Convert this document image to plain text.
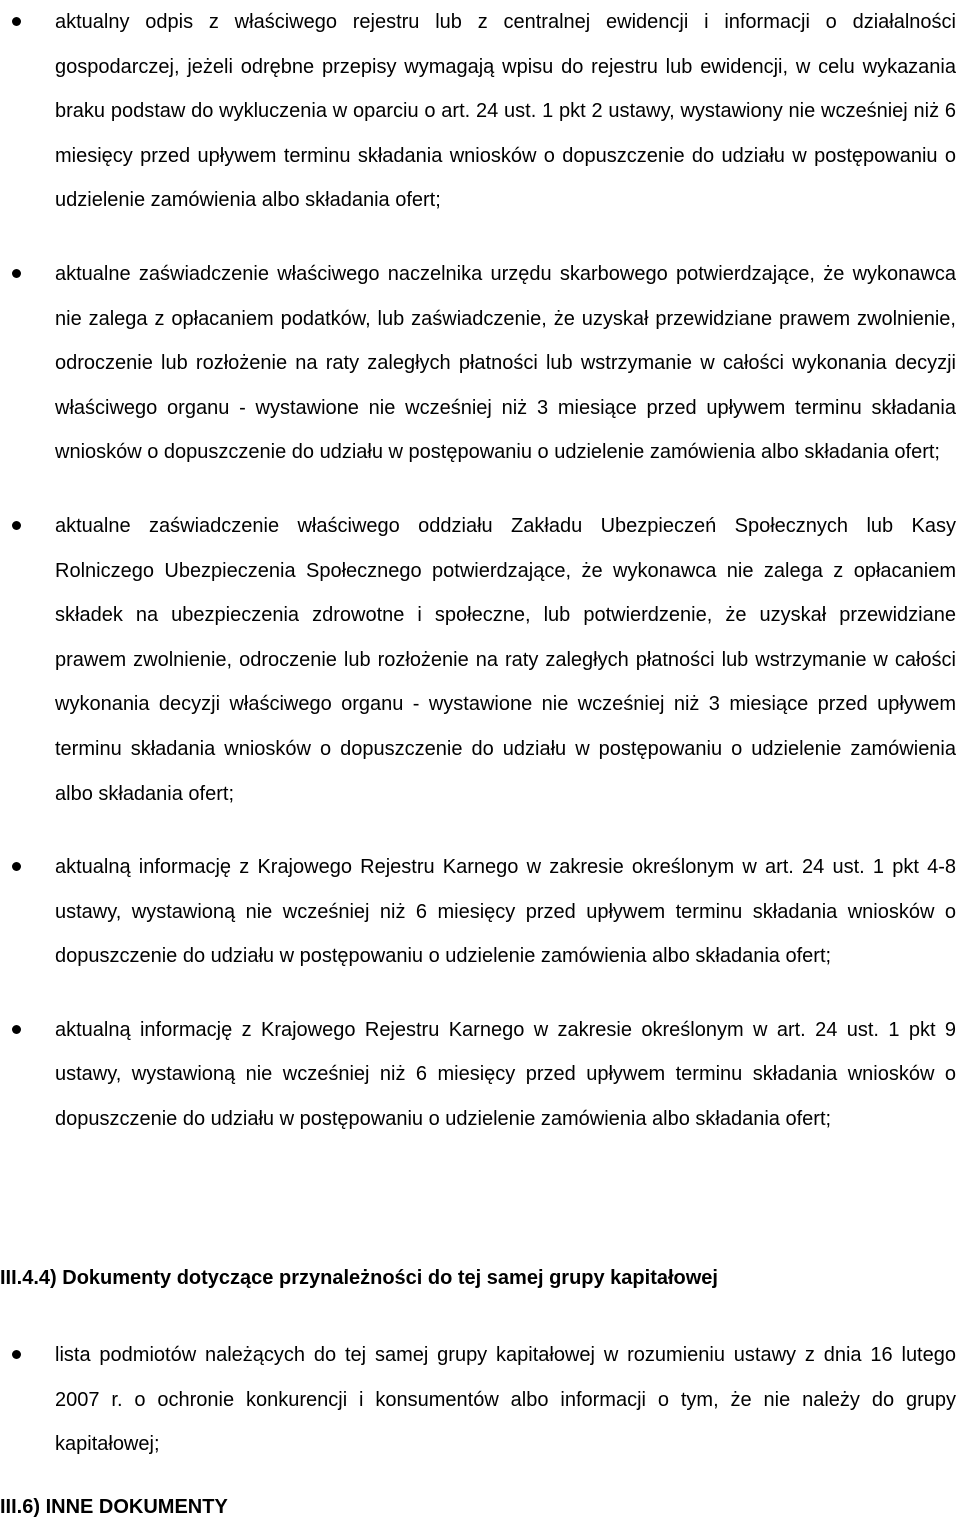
aktualny odpis z właściwego rejestru lub z centralnej ewidencji i informacji o działalności gospodarczej, jeżeli odrębne przepisy wymagają wpisu do rejestru lub ewidencji, w celu wykazania braku podstaw do wykluczenia w oparciu o art. 24 ust. 1 pkt 2 ustawy, wystawiony nie wcześniej niż 6 miesięcy przed upływem terminu składania wniosków o dopuszczenie do udziału w postępowaniu o udzielenie zamówienia albo składania ofert;
aktualne zaświadczenie właściwego naczelnika urzędu skarbowego potwierdzające, że wykonawca nie zalega z opłacaniem podatków, lub zaświadczenie, że uzyskał przewidziane prawem zwolnienie, odroczenie lub rozłożenie na raty zaległych płatności lub wstrzymanie w całości wykonania decyzji właściwego organu - wystawione nie wcześniej niż 3 miesiące przed upływem terminu składania wniosków o dopuszczenie do udziału w postępowaniu o udzielenie zamówienia albo składania ofert;
aktualne zaświadczenie właściwego oddziału Zakładu Ubezpieczeń Społecznych lub Kasy Rolniczego Ubezpieczenia Społecznego potwierdzające, że wykonawca nie zalega z opłacaniem składek na ubezpieczenia zdrowotne i społeczne, lub potwierdzenie, że uzyskał przewidziane prawem zwolnienie, odroczenie lub rozłożenie na raty zaległych płatności lub wstrzymanie w całości wykonania decyzji właściwego organu - wystawione nie wcześniej niż 3 miesiące przed upływem terminu składania wniosków o dopuszczenie do udziału w postępowaniu o udzielenie zamówienia albo składania ofert;
aktualną informację z Krajowego Rejestru Karnego w zakresie określonym w art. 24 ust. 1 pkt 4-8 ustawy, wystawioną nie wcześniej niż 6 miesięcy przed upływem terminu składania wniosków o dopuszczenie do udziału w postępowaniu o udzielenie zamówienia albo składania ofert;
aktualną informację z Krajowego Rejestru Karnego w zakresie określonym w art. 24 ust. 1 pkt 9 ustawy, wystawioną nie wcześniej niż 6 miesięcy przed upływem terminu składania wniosków o dopuszczenie do udziału w postępowaniu o udzielenie zamówienia albo składania ofert;
III.4.4) Dokumenty dotyczące przynależności do tej samej grupy kapitałowej
lista podmiotów należących do tej samej grupy kapitałowej w rozumieniu ustawy z dnia 16 lutego 2007 r. o ochronie konkurencji i konsumentów albo informacji o tym, że nie należy do grupy kapitałowej;
III.6) INNE DOKUMENTY
